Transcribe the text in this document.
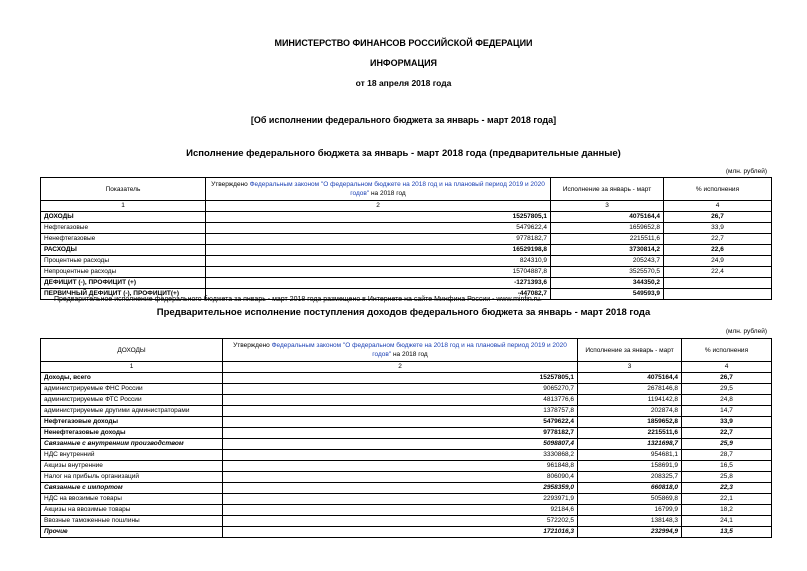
МИНИСТЕРСТВО ФИНАНСОВ РОССИЙСКОЙ ФЕДЕРАЦИИ
ИНФОРМАЦИЯ
от 18 апреля 2018 года
[Об исполнении федерального бюджета за январь - март 2018 года]
Исполнение федерального бюджета за январь - март 2018 года (предварительные данные)
(млн. рублей)
Показатель	Утверждено Федеральным законом "О федеральном бюджете на 2018 год и на плановый период 2019 и 2020 годов" на 2018 год	Исполнение за январь - март	% исполнения
1	2	3	4
ДОХОДЫ	15257805,1	4075164,4	26,7
Нефтегазовые	5479622,4	1659652,8	33,9
Ненефтегазовые	9778182,7	2215511,6	22,7
РАСХОДЫ	16529198,8	3730814,2	22,6
Процентные расходы	824310,9	205243,7	24,9
Непроцентные расходы	15704887,8	3525570,5	22,4
ДЕФИЦИТ (-), ПРОФИЦИТ (+)	-1271393,6	344350,2	
ПЕРВИЧНЫЙ ДЕФИЦИТ (-), ПРОФИЦИТ(+)	-447082,7	549593,9	
Предварительное исполнение федерального бюджета за январь - март 2018 года размещено в Интернете на сайте Минфина России - www.minfin.ru.
Предварительное исполнение поступления доходов федерального бюджета за январь - март 2018 года
(млн. рублей)
ДОХОДЫ	Утверждено Федеральным законом "О федеральном бюджете на 2018 год и на плановый период 2019 и 2020 годов" на 2018 год	Исполнение за январь - март	% исполнения
1	2	3	4
Доходы, всего	15257805,1	4075164,4	26,7
администрируемые ФНС России	9065270,7	2678146,8	29,5
администрируемые ФТС России	4813776,6	1194142,8	24,8
администрируемые другими администраторами	1378757,8	202874,8	14,7
Нефтегазовые доходы	5479622,4	1859652,8	33,9
Ненефтегазовые доходы	9778182,7	2215511,6	22,7
Связанные с внутренним производством	5098807,4	1321698,7	25,9
НДС внутренний	3330868,2	954681,1	28,7
Акцизы внутренние	961848,8	158691,9	16,5
Налог на прибыль организаций	806090,4	208325,7	25,8
Связанные с импортом	2958359,0	660818,0	22,3
НДС на ввозимые товары	2293971,9	505869,8	22,1
Акцизы на ввозимые товары	92184,6	16799,9	18,2
Ввозные таможенные пошлины	572202,5	138148,3	24,1
Прочие	1721016,3	232994,9	13,5
